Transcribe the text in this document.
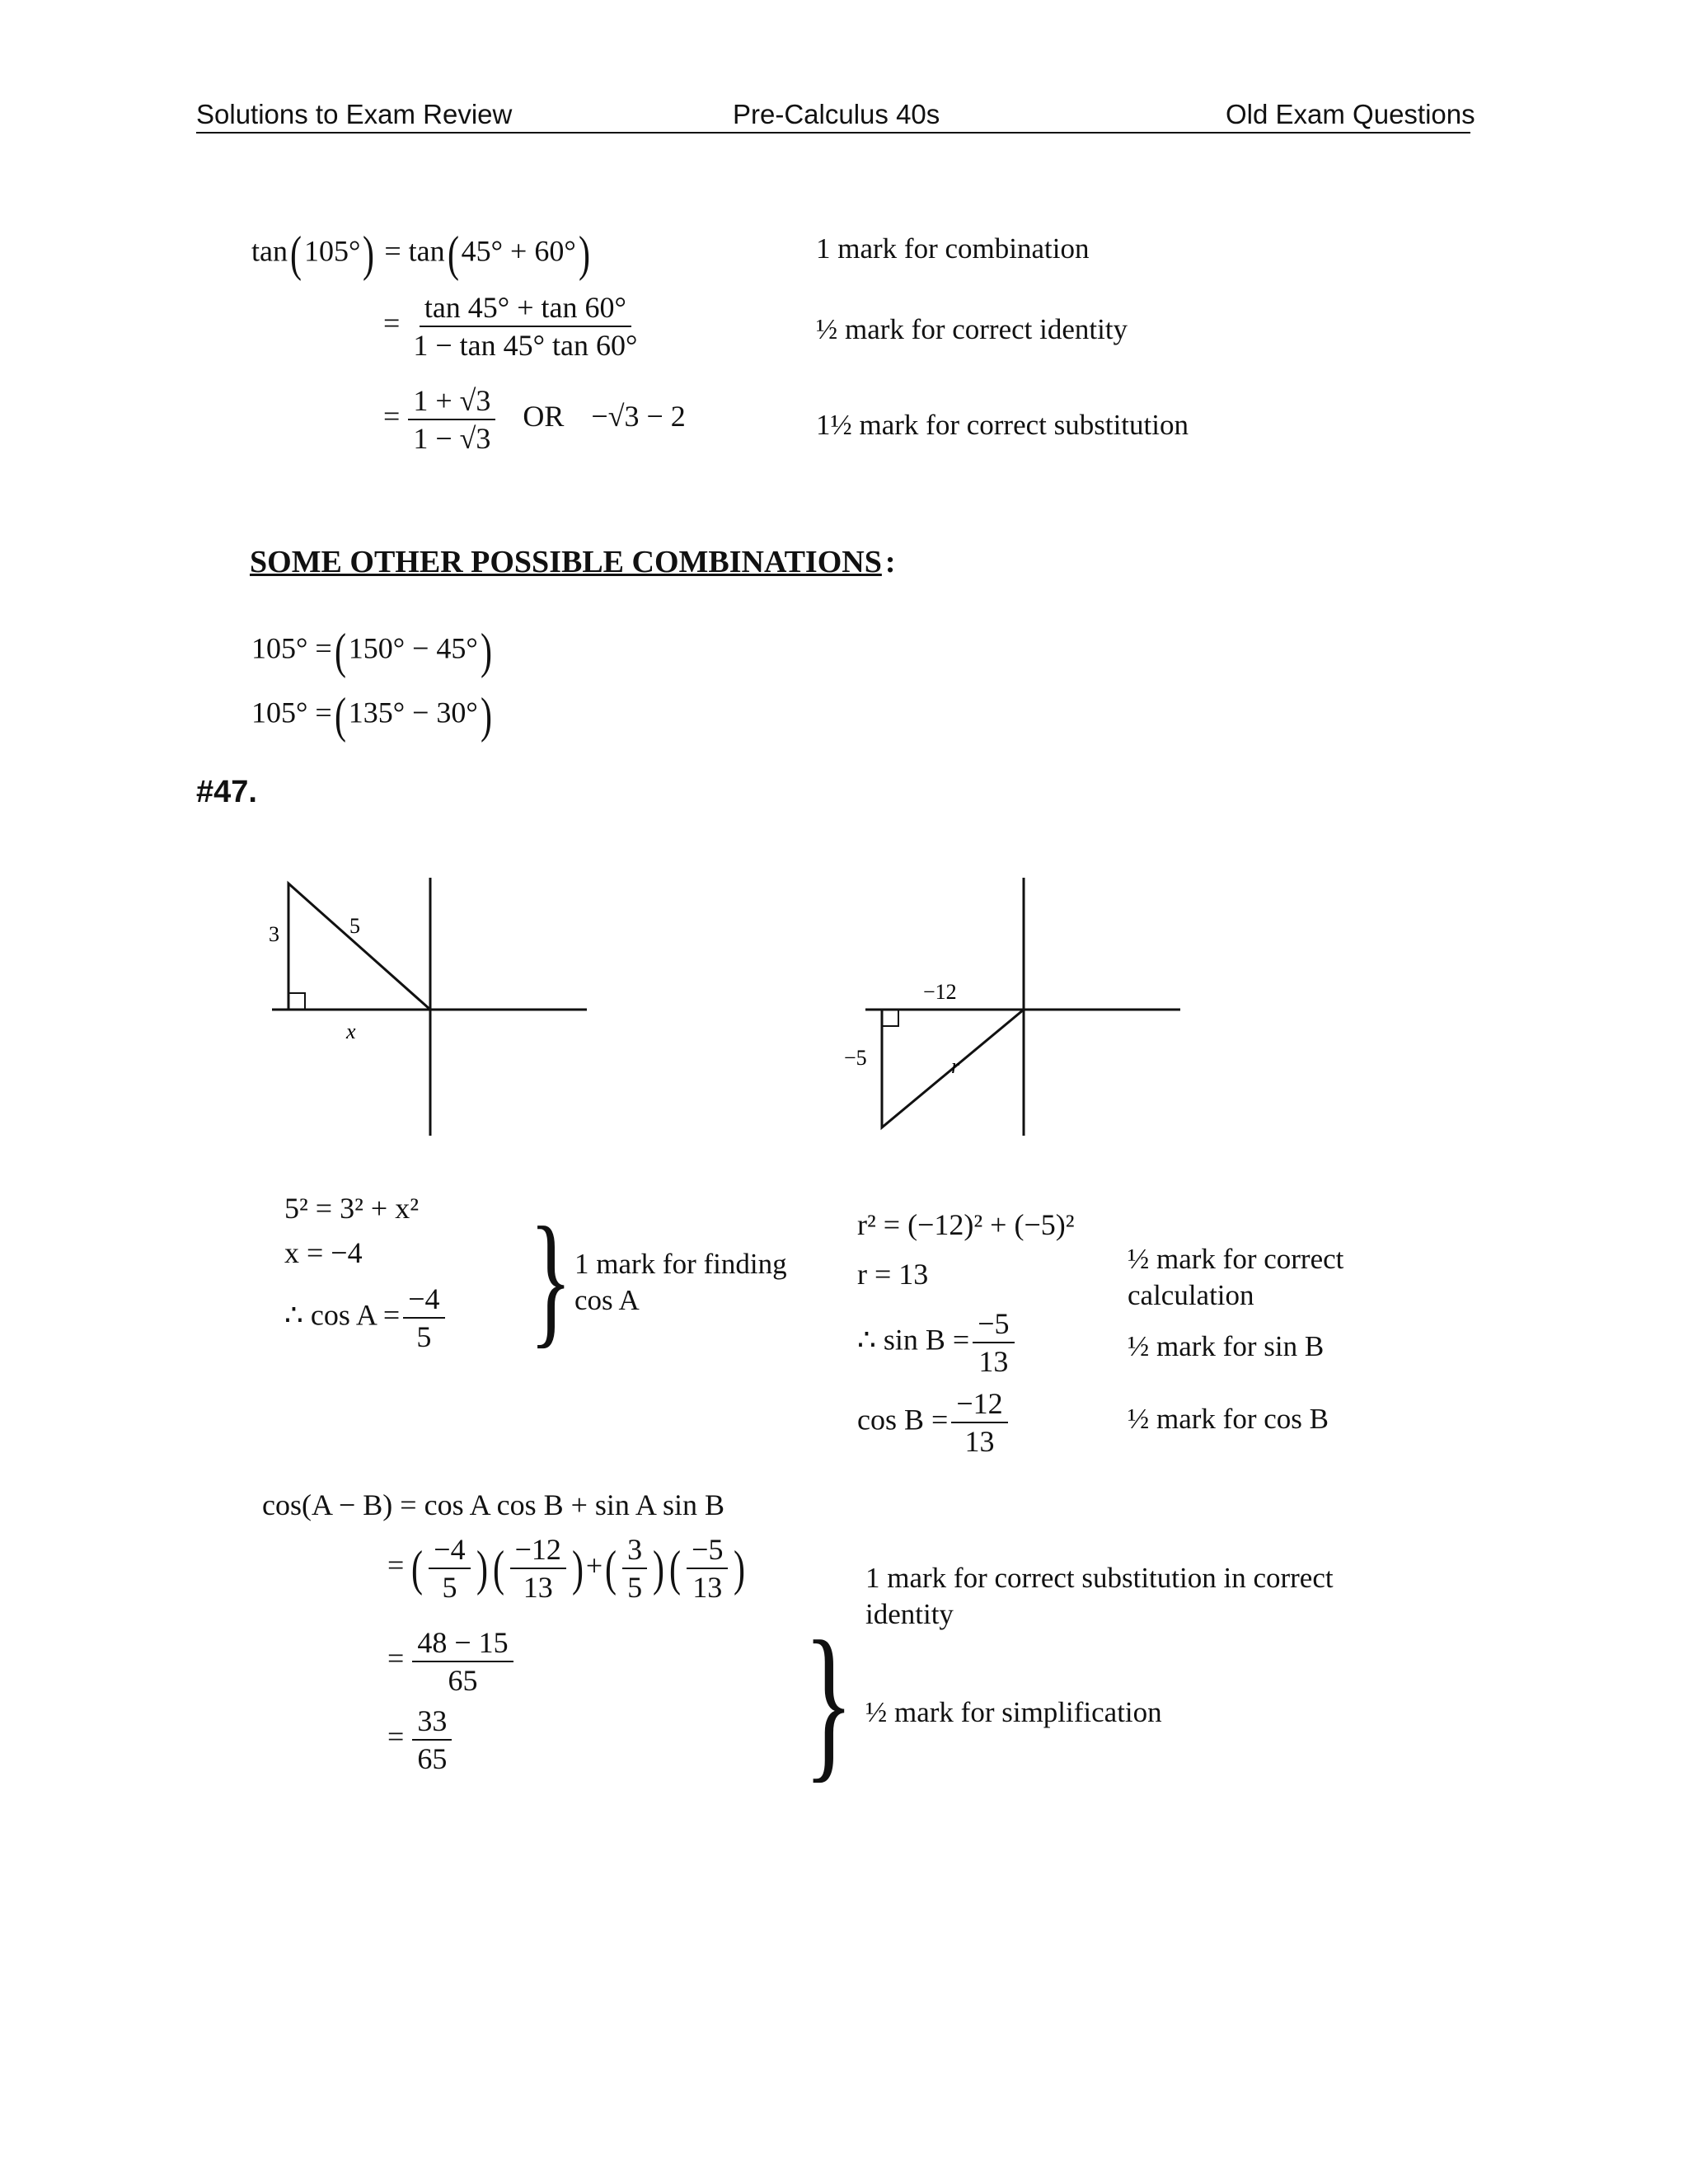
Solutions to Exam Review	Pre-Calculus 40s	Old Exam Questions
tan(105°) = tan(45° + 60°)	1 mark for combination
= $\frac{\tan 45^\circ + \tan 60^\circ}{1 - \tan 45^\circ \tan 60^\circ}$	½ mark for correct identity
= $\frac{1 + √3}{1 - √3}$ OR −√3 − 2	1½ mark for correct substitution
SOME OTHER POSSIBLE COMBINATIONS :
105° =(150° − 45°)
105° =(135° − 30°)
#47.
3	5
x
−12
−5	r
5² = 3² + x²
x = −4
∴ $\cos A = \frac{-4}{5}$ } 1 mark for finding
cos A
r² = (−12)² + (−5)²
r = 13
∴ $\sin B = \frac{-5}{13}$
$\cos B = \frac{-12}{13}$
½ mark for correct
calculation
½ mark for sin B
½ mark for cos B
cos(A − B) = cos A cos B + sin A sin B
= ( $\frac{-4}{5}$ )( $\frac{-12}{13}$ )+( $\frac{3}{5}$ )( $\frac{-5}{13}$ )
= $\frac{48 - 15}{65}$
= $\frac{33}{65}$
1 mark for correct substitution in correct
identity
} ½ mark for simplification
